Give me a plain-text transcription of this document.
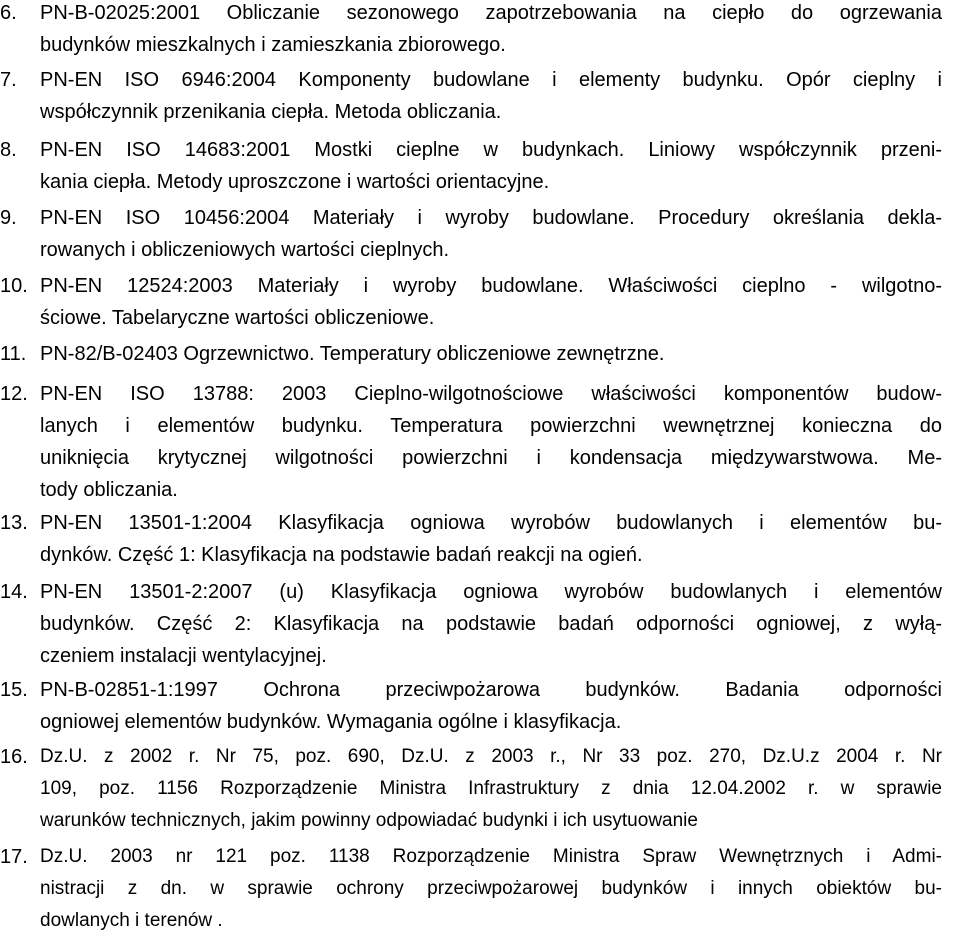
6.	PN-B-02025:2001 Obliczanie sezonowego zapotrzebowania na ciepło do ogrzewania
budynków mieszkalnych i zamieszkania zbiorowego.
7.	PN-EN ISO 6946:2004 Komponenty budowlane i elementy budynku. Opór cieplny i
współczynnik przenikania ciepła. Metoda obliczania.
8.	PN-EN ISO 14683:2001 Mostki cieplne w budynkach. Liniowy współczynnik przeni-
kania ciepła. Metody uproszczone i wartości orientacyjne.
9.	PN-EN ISO 10456:2004 Materiały i wyroby budowlane. Procedury określania dekla-
rowanych i obliczeniowych wartości cieplnych.
10. PN-EN 12524:2003 Materiały i wyroby budowlane. Właściwości cieplno - wilgotno-
ściowe. Tabelaryczne wartości obliczeniowe.
11. PN-82/B-02403 Ogrzewnictwo. Temperatury obliczeniowe zewnętrzne.
12. PN-EN ISO 13788: 2003 Cieplno-wilgotnościowe właściwości komponentów budow-
lanych i elementów budynku. Temperatura powierzchni wewnętrznej konieczna do
uniknięcia krytycznej wilgotności powierzchni i kondensacja międzywarstwowa. Me-
tody obliczania.
13. PN-EN 13501-1:2004 Klasyfikacja ogniowa wyrobów budowlanych i elementów bu-
dynków. Część 1: Klasyfikacja na podstawie badań reakcji na ogień.
14. PN-EN 13501-2:2007 (u) Klasyfikacja ogniowa wyrobów budowlanych i elementów
budynków. Część 2: Klasyfikacja na podstawie badań odporności ogniowej, z wyłą-
czeniem instalacji wentylacyjnej.
15. PN-B-02851-1:1997 Ochrona przeciwpożarowa budynków. Badania odporności
ogniowej elementów budynków. Wymagania ogólne i klasyfikacja.
16. Dz.U. z 2002 r. Nr 75, poz. 690, Dz.U. z 2003 r., Nr 33 poz. 270, Dz.U.z 2004 r. Nr
109, poz. 1156 Rozporządzenie Ministra Infrastruktury z dnia 12.04.2002 r. w sprawie
warunków technicznych, jakim powinny odpowiadać budynki i ich usytuowanie
17. Dz.U. 2003 nr 121 poz. 1138 Rozporządzenie Ministra Spraw Wewnętrznych i Admi-
nistracji z dn. w sprawie ochrony przeciwpożarowej budynków i innych obiektów bu-
dowlanych i terenów .
